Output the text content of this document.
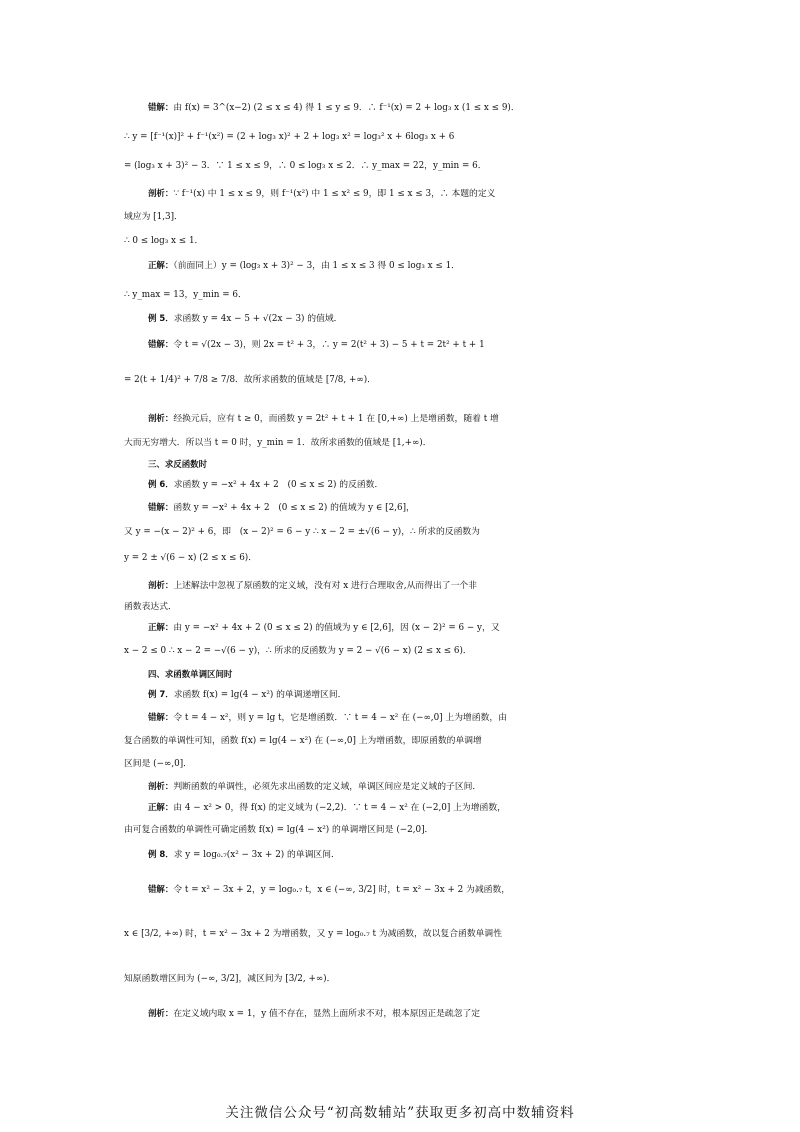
错解：由 f(x) = 3^(x−2) (2 ≤ x ≤ 4) 得 1 ≤ y ≤ 9．∴ f⁻¹(x) = 2 + log₃ x (1 ≤ x ≤ 9)．
∴ y = [f⁻¹(x)]² + f⁻¹(x²) = (2 + log₃ x)² + 2 + log₃ x² = log₃² x + 6log₃ x + 6
= (log₃ x + 3)² − 3．∵ 1 ≤ x ≤ 9，∴ 0 ≤ log₃ x ≤ 2．∴ y_max = 22，y_min = 6．
剖析：∵ f⁻¹(x) 中 1 ≤ x ≤ 9，则 f⁻¹(x²) 中 1 ≤ x² ≤ 9，即 1 ≤ x ≤ 3，∴ 本题的定义
域应为 [1,3]．
∴ 0 ≤ log₃ x ≤ 1．
正解：（前面同上）y = (log₃ x + 3)² − 3，由 1 ≤ x ≤ 3 得 0 ≤ log₃ x ≤ 1．
∴ y_max = 13，y_min = 6．
例 5．求函数 y = 4x − 5 + √(2x − 3) 的值域．
错解：令 t = √(2x − 3)，则 2x = t² + 3，∴ y = 2(t² + 3) − 5 + t = 2t² + t + 1
= 2(t + 1/4)² + 7/8 ≥ 7/8．故所求函数的值域是 [7/8, +∞)．
剖析：经换元后，应有 t ≥ 0，而函数 y = 2t² + t + 1 在 [0,+∞) 上是增函数，随着 t 增
大而无穷增大．所以当 t = 0 时，y_min = 1．故所求函数的值域是 [1,+∞)．
三、求反函数时
例 6．求函数 y = −x² + 4x + 2　(0 ≤ x ≤ 2) 的反函数．
错解：函数 y = −x² + 4x + 2　(0 ≤ x ≤ 2) 的值域为 y ∈ [2,6]，
又 y = −(x − 2)² + 6，即　(x − 2)² = 6 − y ∴ x − 2 = ±√(6 − y)，∴ 所求的反函数为
y = 2 ± √(6 − x) (2 ≤ x ≤ 6)．
剖析：上述解法中忽视了原函数的定义域，没有对 x 进行合理取舍,从而得出了一个非
函数表达式．
正解：由 y = −x² + 4x + 2 (0 ≤ x ≤ 2) 的值域为 y ∈ [2,6]，因 (x − 2)² = 6 − y，又
x − 2 ≤ 0 ∴ x − 2 = −√(6 − y)，∴ 所求的反函数为 y = 2 − √(6 − x) (2 ≤ x ≤ 6)．
四、求函数单调区间时
例 7．求函数 f(x) = lg(4 − x²) 的单调递增区间．
错解：令 t = 4 − x²，则 y = lg t，它是增函数．∵ t = 4 − x² 在 (−∞,0] 上为增函数，由
复合函数的单调性可知，函数 f(x) = lg(4 − x²) 在 (−∞,0] 上为增函数，即原函数的单调增
区间是 (−∞,0]．
剖析：判断函数的单调性，必须先求出函数的定义域，单调区间应是定义域的子区间．
正解：由 4 − x² > 0，得 f(x) 的定义域为 (−2,2)．∵ t = 4 − x² 在 (−2,0] 上为增函数，
由可复合函数的单调性可确定函数 f(x) = lg(4 − x²) 的单调增区间是 (−2,0]．
例 8．求 y = log₀.₇(x² − 3x + 2) 的单调区间．
错解：令 t = x² − 3x + 2，y = log₀.₇ t，x ∈ (−∞, 3/2] 时，t = x² − 3x + 2 为减函数，
x ∈ [3/2, +∞) 时，t = x² − 3x + 2 为增函数，又 y = log₀.₇ t 为减函数，故以复合函数单调性
知原函数增区间为 (−∞, 3/2]，减区间为 [3/2, +∞)．
剖析：在定义域内取 x = 1，y 值不存在，显然上面所求不对，根本原因正是疏忽了定
关注微信公众号“初高数辅站”获取更多初高中数辅资料
